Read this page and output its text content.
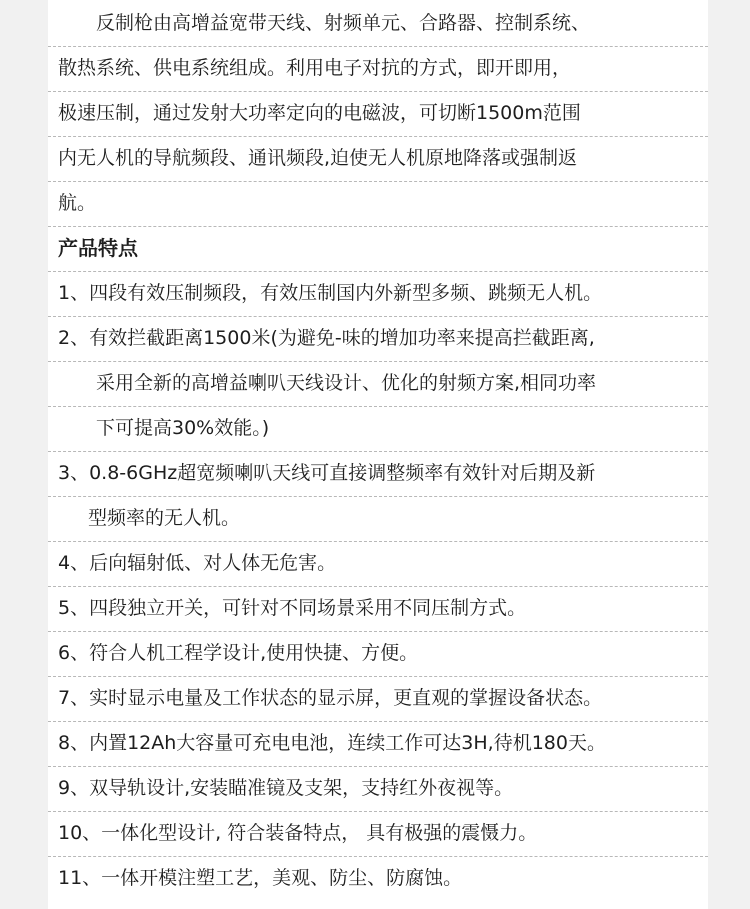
反制枪由高增益宽带天线、射频单元、合路器、控制系统、
散热系统、供电系统组成。利用电子对抗的方式，即开即用，
极速压制，通过发射大功率定向的电磁波，可切断1500m范围
内无人机的导航频段、通讯频段,迫使无人机原地降落或强制返
航。
产品特点
1、四段有效压制频段，有效压制国内外新型多频、跳频无人机。
2、有效拦截距离1500米(为避免-味的增加功率来提高拦截距离,
采用全新的高增益喇叭天线设计、优化的射频方案,相同功率
下可提高30%效能。)
3、0.8-6GHz超宽频喇叭天线可直接调整频率有效针对后期及新
型频率的无人机。
4、后向辐射低、对人体无危害。
5、四段独立开关，可针对不同场景采用不同压制方式。
6、符合人机工程学设计,使用快捷、方便。
7、实时显示电量及工作状态的显示屏，更直观的掌握设备状态。
8、内置12Ah大容量可充电电池，连续工作可达3H,待机180天。
9、双导轨设计,安装瞄准镜及支架，支持红外夜视等。
10、一体化型设计, 符合装备特点， 具有极强的震慑力。
11、一体开模注塑工艺，美观、防尘、防腐蚀。
